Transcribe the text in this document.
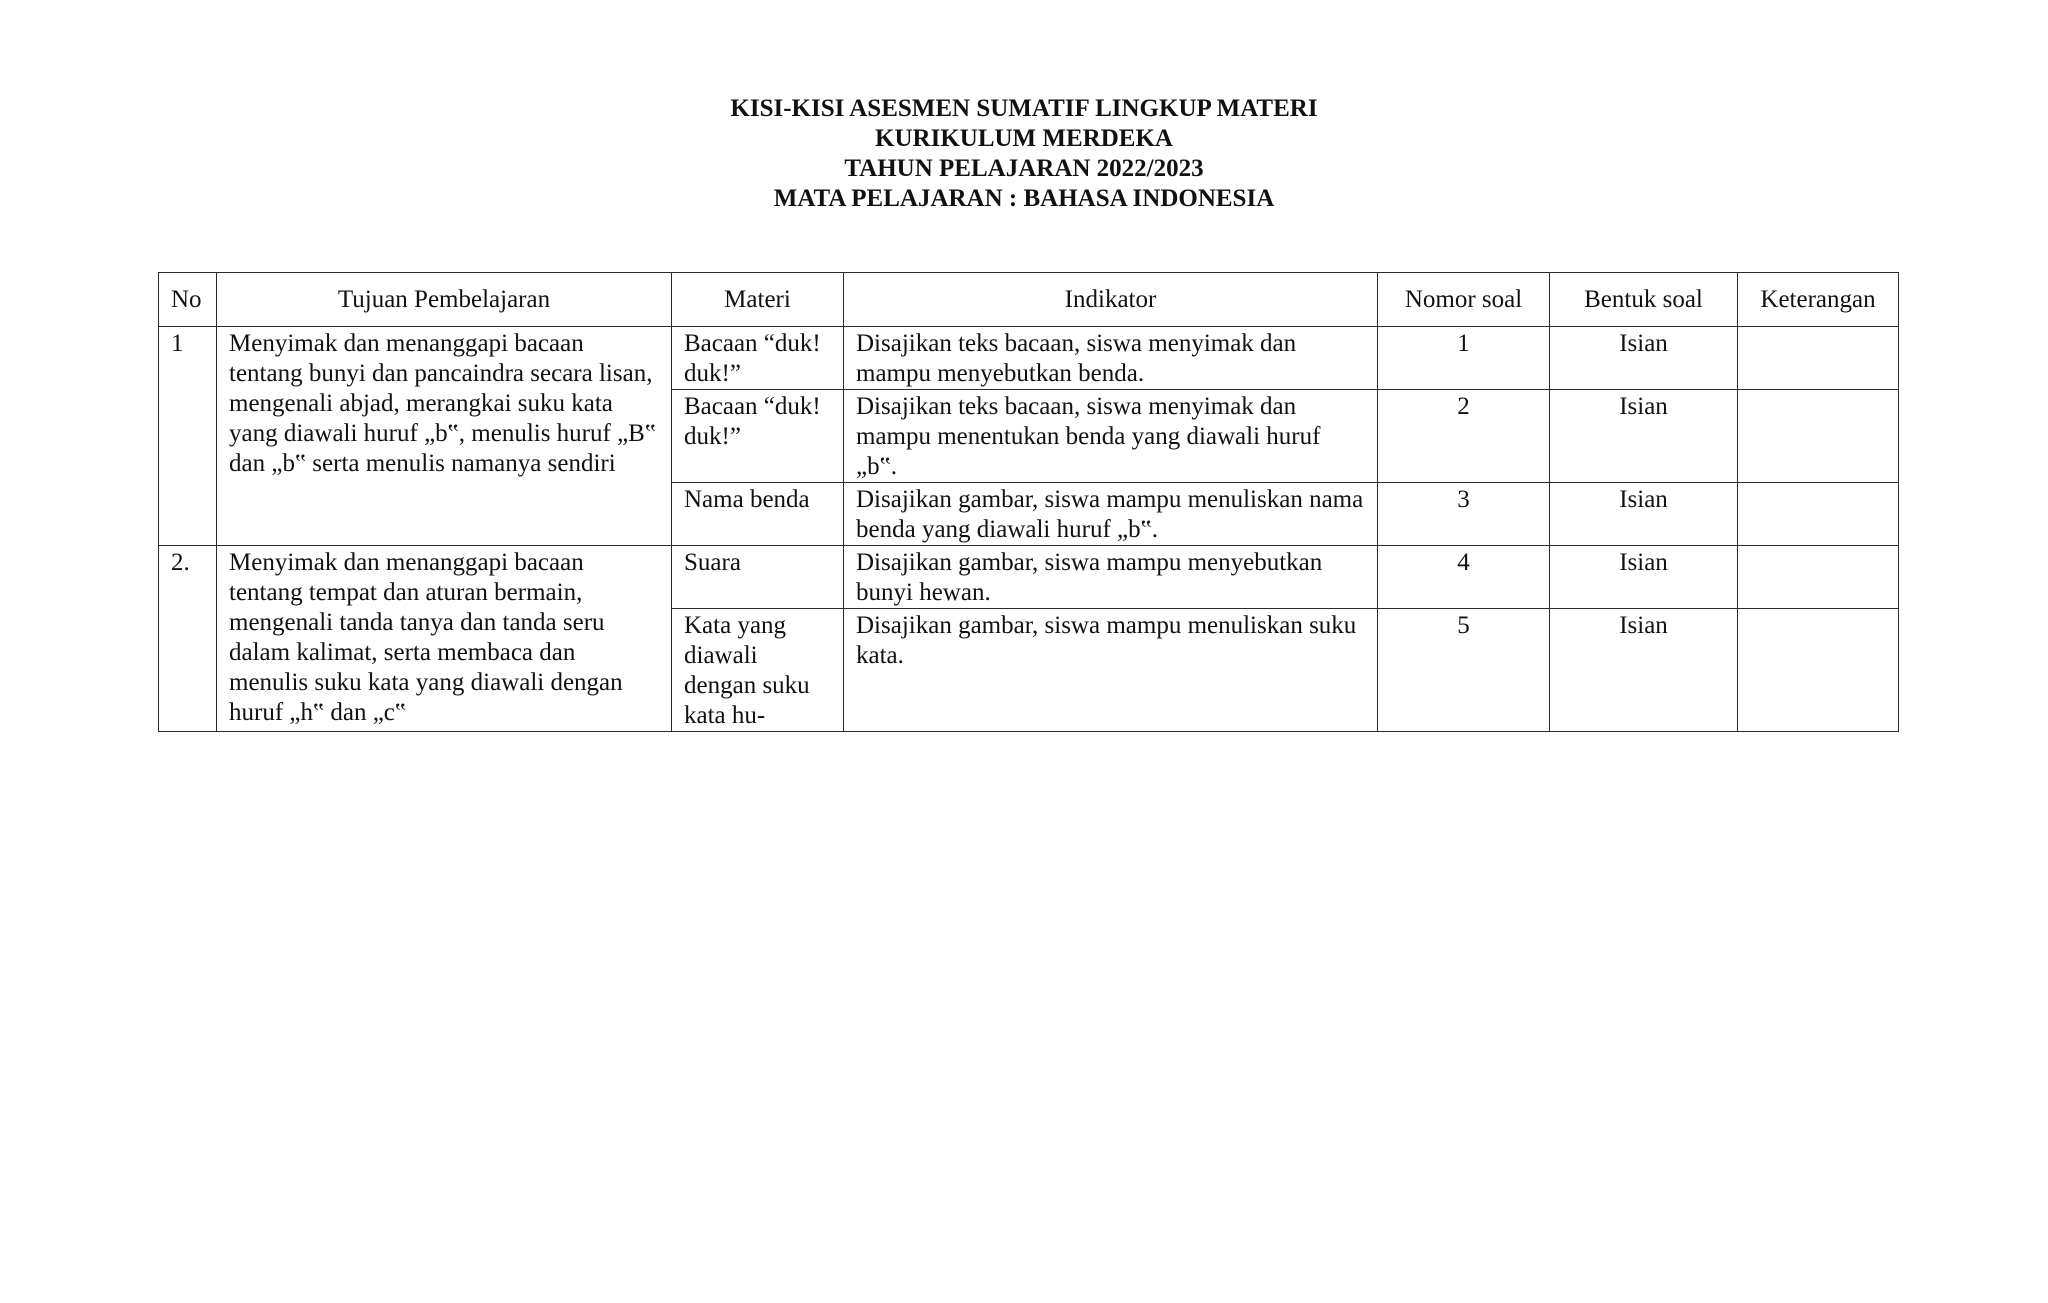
KISI-KISI ASESMEN SUMATIF LINGKUP MATERI
KURIKULUM MERDEKA
TAHUN PELAJARAN 2022/2023
MATA PELAJARAN : BAHASA INDONESIA
No	Tujuan Pembelajaran	Materi	Indikator	Nomor soal	Bentuk soal	Keterangan
1	Menyimak dan menanggapi bacaan tentang bunyi dan pancaindra secara lisan, mengenali abjad, merangkai suku kata yang diawali huruf „b‟, menulis huruf „B‟ dan „b‟ serta menulis namanya sendiri	Bacaan “duk! duk!”	Disajikan teks bacaan, siswa menyimak dan mampu menyebutkan benda.	1	Isian	
		Bacaan “duk! duk!”	Disajikan teks bacaan, siswa menyimak dan mampu menentukan benda yang diawali huruf „b‟.	2	Isian	
		Nama benda	Disajikan gambar, siswa mampu menuliskan nama benda yang diawali huruf „b‟.	3	Isian	
2.	Menyimak dan menanggapi bacaan tentang tempat dan aturan bermain, mengenali tanda tanya dan tanda seru dalam kalimat, serta membaca dan menulis suku kata yang diawali dengan huruf „h‟ dan „c‟	Suara	Disajikan gambar, siswa mampu menyebutkan bunyi hewan.	4	Isian	
		Kata yang diawali dengan suku kata hu-	Disajikan gambar, siswa mampu menuliskan suku kata.	5	Isian	
